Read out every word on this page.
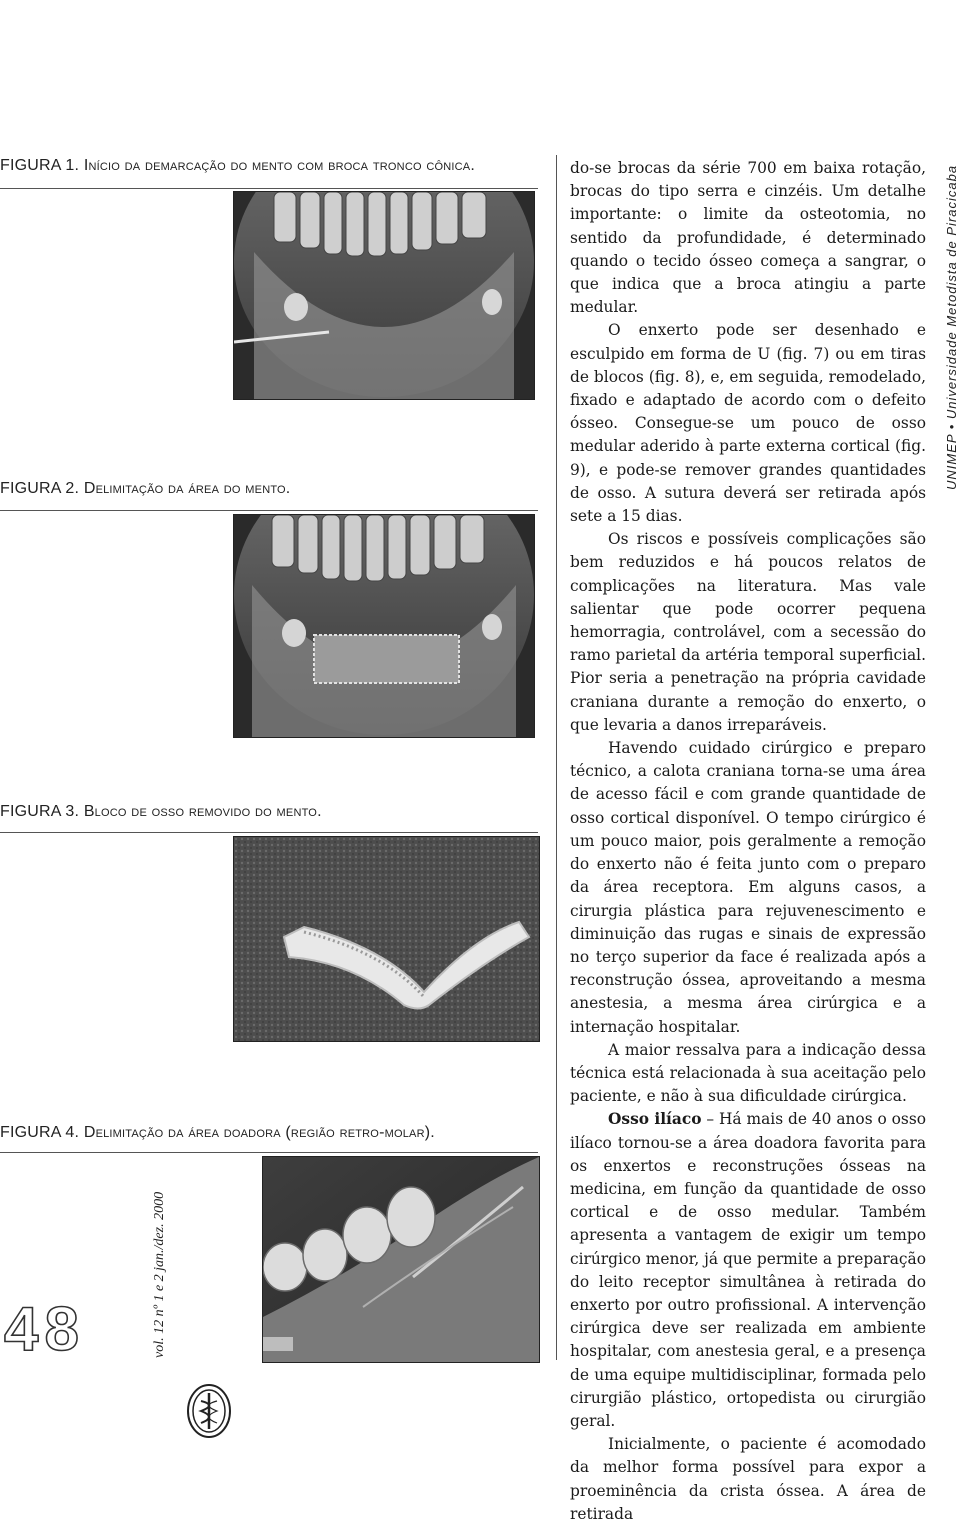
FIGURA 1. Início da demarcação do mento com broca tronco cônica.
FIGURA 2. Delimitação da área do mento.
FIGURA 3. Bloco de osso removido do mento.
FIGURA 4. Delimitação da área doadora (região retro-molar).

do-se brocas da série 700 em baixa rotação, brocas do tipo serra e cinzéis. Um detalhe importante: o limite da osteotomia, no sentido da profundidade, é determinado quando o tecido ósseo começa a sangrar, o que indica que a broca atingiu a parte medular.

O enxerto pode ser desenhado e esculpido em forma de U (fig. 7) ou em tiras de blocos (fig. 8), e, em seguida, remodelado, fixado e adaptado de acordo com o defeito ósseo. Consegue-se um pouco de osso medular aderido à parte externa cortical (fig. 9), e pode-se remover grandes quantidades de osso. A sutura deverá ser retirada após sete a 15 dias.

Os riscos e possíveis complicações são bem reduzidos e há poucos relatos de complicações na literatura. Mas vale salientar que pode ocorrer pequena hemorragia, controlável, com a secessão do ramo parietal da artéria temporal superficial. Pior seria a penetração na própria cavidade craniana durante a remoção do enxerto, o que levaria a danos irreparáveis.

Havendo cuidado cirúrgico e preparo técnico, a calota craniana torna-se uma área de acesso fácil e com grande quantidade de osso cortical disponível. O tempo cirúrgico é um pouco maior, pois geralmente a remoção do enxerto não é feita junto com o preparo da área receptora. Em alguns casos, a cirurgia plástica para rejuvenescimento e diminuição das rugas e sinais de expressão no terço superior da face é realizada após a reconstrução óssea, aproveitando a mesma anestesia, a mesma área cirúrgica e a internação hospitalar.

A maior ressalva para a indicação dessa técnica está relacionada à sua aceitação pelo paciente, e não à sua dificuldade cirúrgica.

Osso ilíaco – Há mais de 40 anos o osso ilíaco tornou-se a área doadora favorita para os enxertos e reconstruções ósseas na medicina, em função da quantidade de osso cortical e de osso medular. Também apresenta a vantagem de exigir um tempo cirúrgico menor, já que permite a preparação do leito receptor simultânea à retirada do enxerto por outro profissional. A intervenção cirúrgica deve ser realizada em ambiente hospitalar, com anestesia geral, e a presença de uma equipe multidisciplinar, formada pelo cirurgião plástico, ortopedista ou cirurgião geral.

Inicialmente, o paciente é acomodado da melhor forma possível para expor a proeminência da crista óssea. A área de retirada

UNIMEP • Universidade Metodista de Piracicaba
vol. 12 nº 1 e 2 jan./dez. 2000
48
